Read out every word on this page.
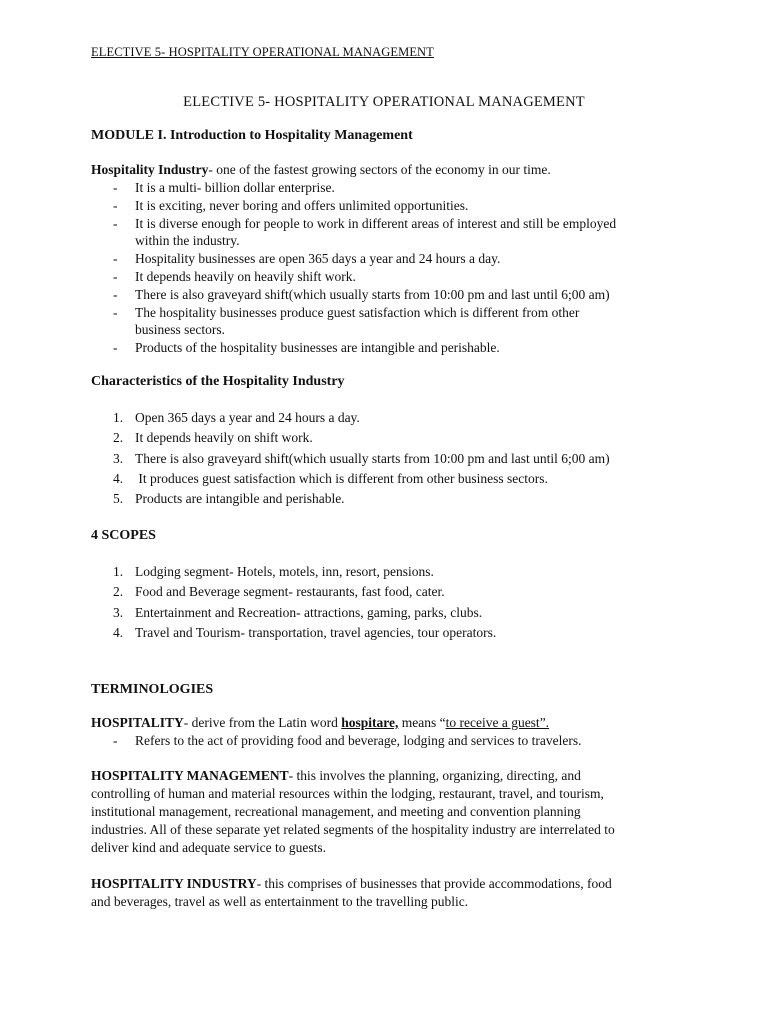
ELECTIVE 5- HOSPITALITY OPERATIONAL MANAGEMENT
ELECTIVE 5- HOSPITALITY OPERATIONAL MANAGEMENT
MODULE I. Introduction to Hospitality Management
Hospitality Industry- one of the fastest growing sectors of the economy in our time.
- It is a multi- billion dollar enterprise.
- It is exciting, never boring and offers unlimited opportunities.
- It is diverse enough for people to work in different areas of interest and still be employed
within the industry.
- Hospitality businesses are open 365 days a year and 24 hours a day.
- It depends heavily on heavily shift work.
- There is also graveyard shift(which usually starts from 10:00 pm and last until 6;00 am)
- The hospitality businesses produce guest satisfaction which is different from other
business sectors.
- Products of the hospitality businesses are intangible and perishable.
Characteristics of the Hospitality Industry
1. Open 365 days a year and 24 hours a day.
2. It depends heavily on shift work.
3. There is also graveyard shift(which usually starts from 10:00 pm and last until 6;00 am)
4. It produces guest satisfaction which is different from other business sectors.
5. Products are intangible and perishable.
4 SCOPES
1. Lodging segment- Hotels, motels, inn, resort, pensions.
2. Food and Beverage segment- restaurants, fast food, cater.
3. Entertainment and Recreation- attractions, gaming, parks, clubs.
4. Travel and Tourism- transportation, travel agencies, tour operators.
TERMINOLOGIES
HOSPITALITY- derive from the Latin word hospitare, means “to receive a guest”.
- Refers to the act of providing food and beverage, lodging and services to travelers.
HOSPITALITY MANAGEMENT- this involves the planning, organizing, directing, and
controlling of human and material resources within the lodging, restaurant, travel, and tourism,
institutional management, recreational management, and meeting and convention planning
industries. All of these separate yet related segments of the hospitality industry are interrelated to
deliver kind and adequate service to guests.
HOSPITALITY INDUSTRY- this comprises of businesses that provide accommodations, food
and beverages, travel as well as entertainment to the travelling public.
